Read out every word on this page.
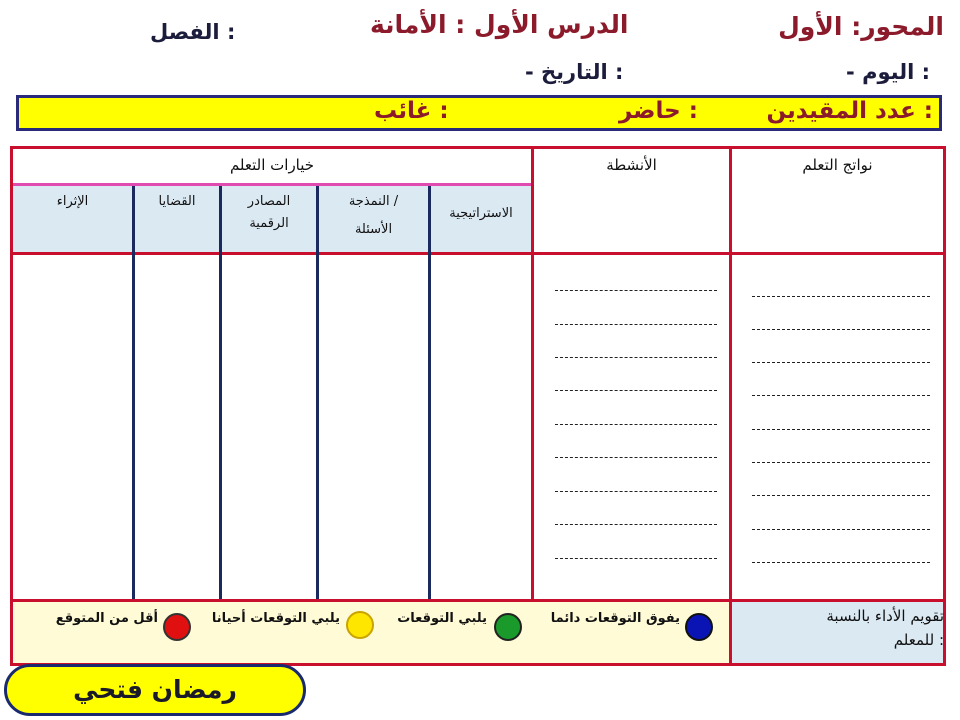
المحور: الأول
الدرس الأول : الأمانة
الفصل :
- اليوم :
- التاريخ :
عدد المقيدين :
حاضر :
غائب :
نواتج التعلم
الأنشطة
خيارات التعلم
الاستراتيجية
النمذجة /
الأسئلة
المصادر
الرقمية
القضايا
الإثراء
تقويم الأداء بالنسبة
للمعلم :
يفوق التوقعات دائما
يلبي التوقعات
يلبي التوقعات أحيانا
أقل من المتوقع
رمضان فتحي
